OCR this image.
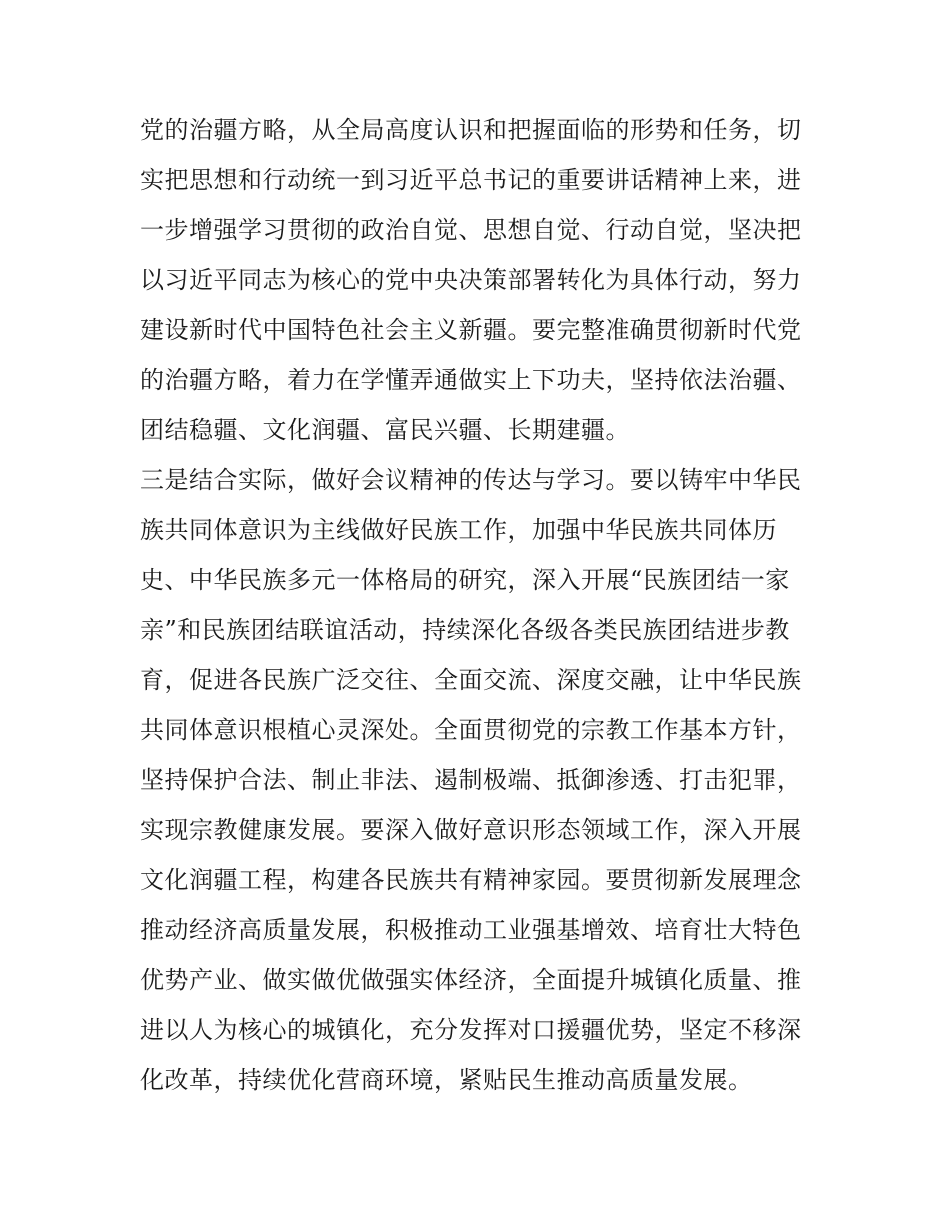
党的治疆方略，从全局高度认识和把握面临的形势和任务，切
实把思想和行动统一到习近平总书记的重要讲话精神上来，进
一步增强学习贯彻的政治自觉、思想自觉、行动自觉，坚决把
以习近平同志为核心的党中央决策部署转化为具体行动，努力
建设新时代中国特色社会主义新疆。要完整准确贯彻新时代党
的治疆方略，着力在学懂弄通做实上下功夫，坚持依法治疆、
团结稳疆、文化润疆、富民兴疆、长期建疆。
三是结合实际，做好会议精神的传达与学习。要以铸牢中华民
族共同体意识为主线做好民族工作，加强中华民族共同体历
史、中华民族多元一体格局的研究，深入开展“民族团结一家
亲”和民族团结联谊活动，持续深化各级各类民族团结进步教
育，促进各民族广泛交往、全面交流、深度交融，让中华民族
共同体意识根植心灵深处。全面贯彻党的宗教工作基本方针，
坚持保护合法、制止非法、遏制极端、抵御渗透、打击犯罪，
实现宗教健康发展。要深入做好意识形态领域工作，深入开展
文化润疆工程，构建各民族共有精神家园。要贯彻新发展理念
推动经济高质量发展，积极推动工业强基增效、培育壮大特色
优势产业、做实做优做强实体经济，全面提升城镇化质量、推
进以人为核心的城镇化，充分发挥对口援疆优势，坚定不移深
化改革，持续优化营商环境，紧贴民生推动高质量发展。
